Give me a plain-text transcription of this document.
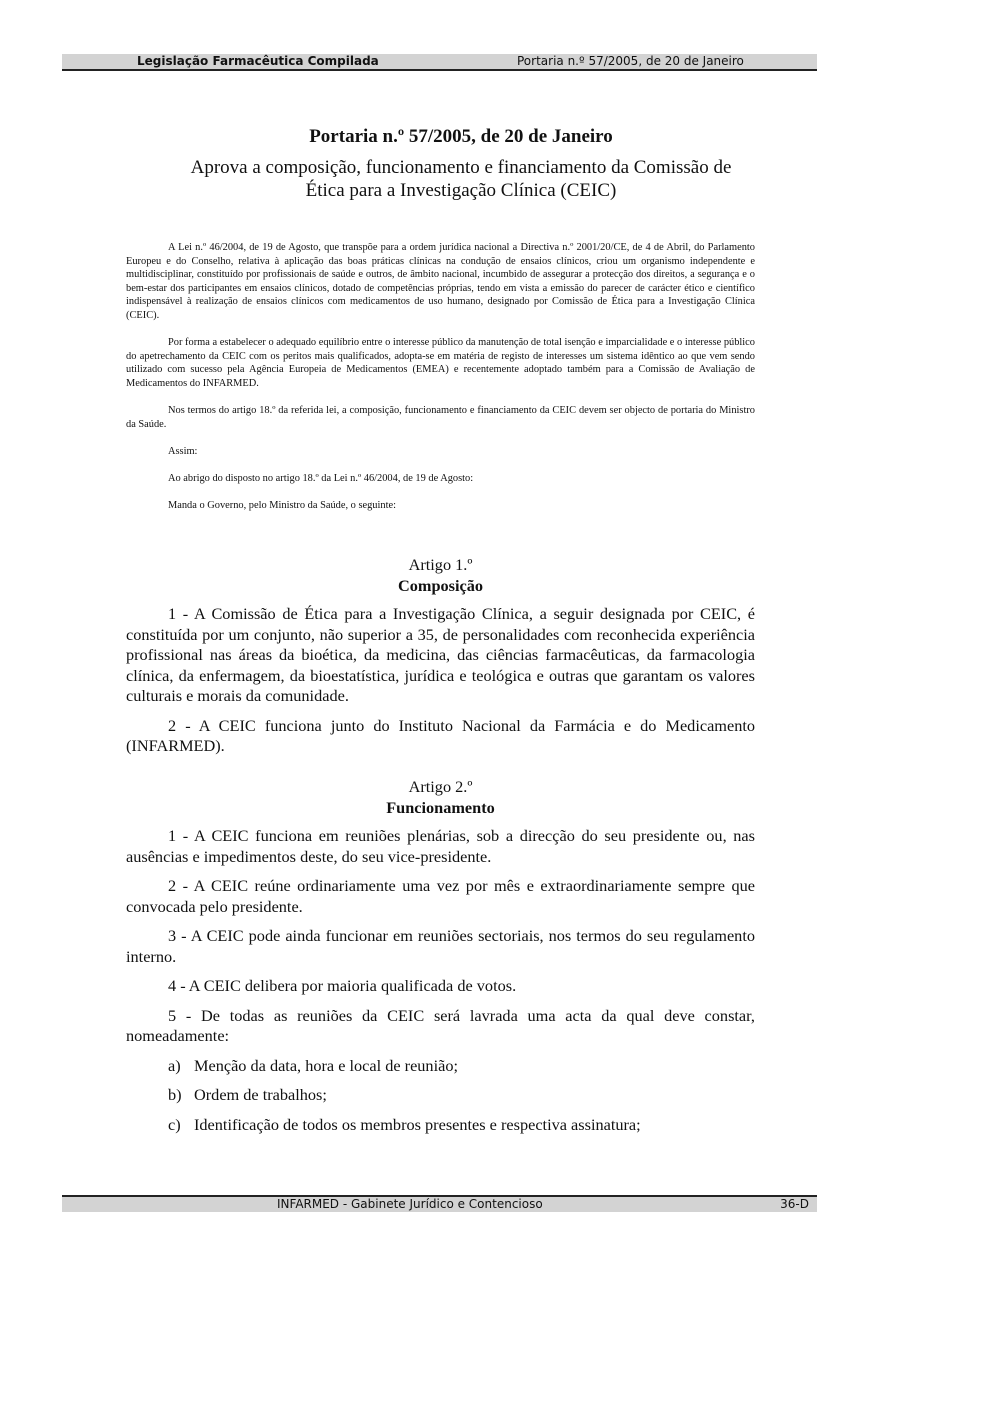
Legislação Farmacêutica Compilada	Portaria n.º 57/2005, de 20 de Janeiro
Portaria n.º 57/2005, de 20 de Janeiro
Aprova a composição, funcionamento e financiamento da Comissão de
Ética para a Investigação Clínica (CEIC)

A Lei n.º 46/2004, de 19 de Agosto, que transpõe para a ordem jurídica nacional a Directiva n.º 2001/20/CE, de 4 de Abril, do Parlamento Europeu e do Conselho, relativa à aplicação das boas práticas clínicas na condução de ensaios clínicos, criou um organismo independente e multidisciplinar, constituído por profissionais de saúde e outros, de âmbito nacional, incumbido de assegurar a protecção dos direitos, a segurança e o bem-estar dos participantes em ensaios clínicos, dotado de competências próprias, tendo em vista a emissão do parecer de carácter ético e científico indispensável à realização de ensaios clínicos com medicamentos de uso humano, designado por Comissão de Ética para a Investigação Clínica (CEIC).

Por forma a estabelecer o adequado equilíbrio entre o interesse público da manutenção de total isenção e imparcialidade e o interesse público do apetrechamento da CEIC com os peritos mais qualificados, adopta-se em matéria de registo de interesses um sistema idêntico ao que vem sendo utilizado com sucesso pela Agência Europeia de Medicamentos (EMEA) e recentemente adoptado também para a Comissão de Avaliação de Medicamentos do INFARMED.

Nos termos do artigo 18.º da referida lei, a composição, funcionamento e financiamento da CEIC devem ser objecto de portaria do Ministro da Saúde.

Assim:

Ao abrigo do disposto no artigo 18.º da Lei n.º 46/2004, de 19 de Agosto:

Manda o Governo, pelo Ministro da Saúde, o seguinte:

Artigo 1.º
Composição

1 - A Comissão de Ética para a Investigação Clínica, a seguir designada por CEIC, é constituída por um conjunto, não superior a 35, de personalidades com reconhecida experiência profissional nas áreas da bioética, da medicina, das ciências farmacêuticas, da farmacologia clínica, da enfermagem, da bioestatística, jurídica e teológica e outras que garantam os valores culturais e morais da comunidade.

2 - A CEIC funciona junto do Instituto Nacional da Farmácia e do Medicamento (INFARMED).

Artigo 2.º
Funcionamento

1 - A CEIC funciona em reuniões plenárias, sob a direcção do seu presidente ou, nas ausências e impedimentos deste, do seu vice-presidente.

2 - A CEIC reúne ordinariamente uma vez por mês e extraordinariamente sempre que convocada pelo presidente.

3 - A CEIC pode ainda funcionar em reuniões sectoriais, nos termos do seu regulamento interno.

4 - A CEIC delibera por maioria qualificada de votos.

5 - De todas as reuniões da CEIC será lavrada uma acta da qual deve constar, nomeadamente:

a) Menção da data, hora e local de reunião;
b) Ordem de trabalhos;
c) Identificação de todos os membros presentes e respectiva assinatura;
INFARMED - Gabinete Jurídico e Contencioso	36-D
